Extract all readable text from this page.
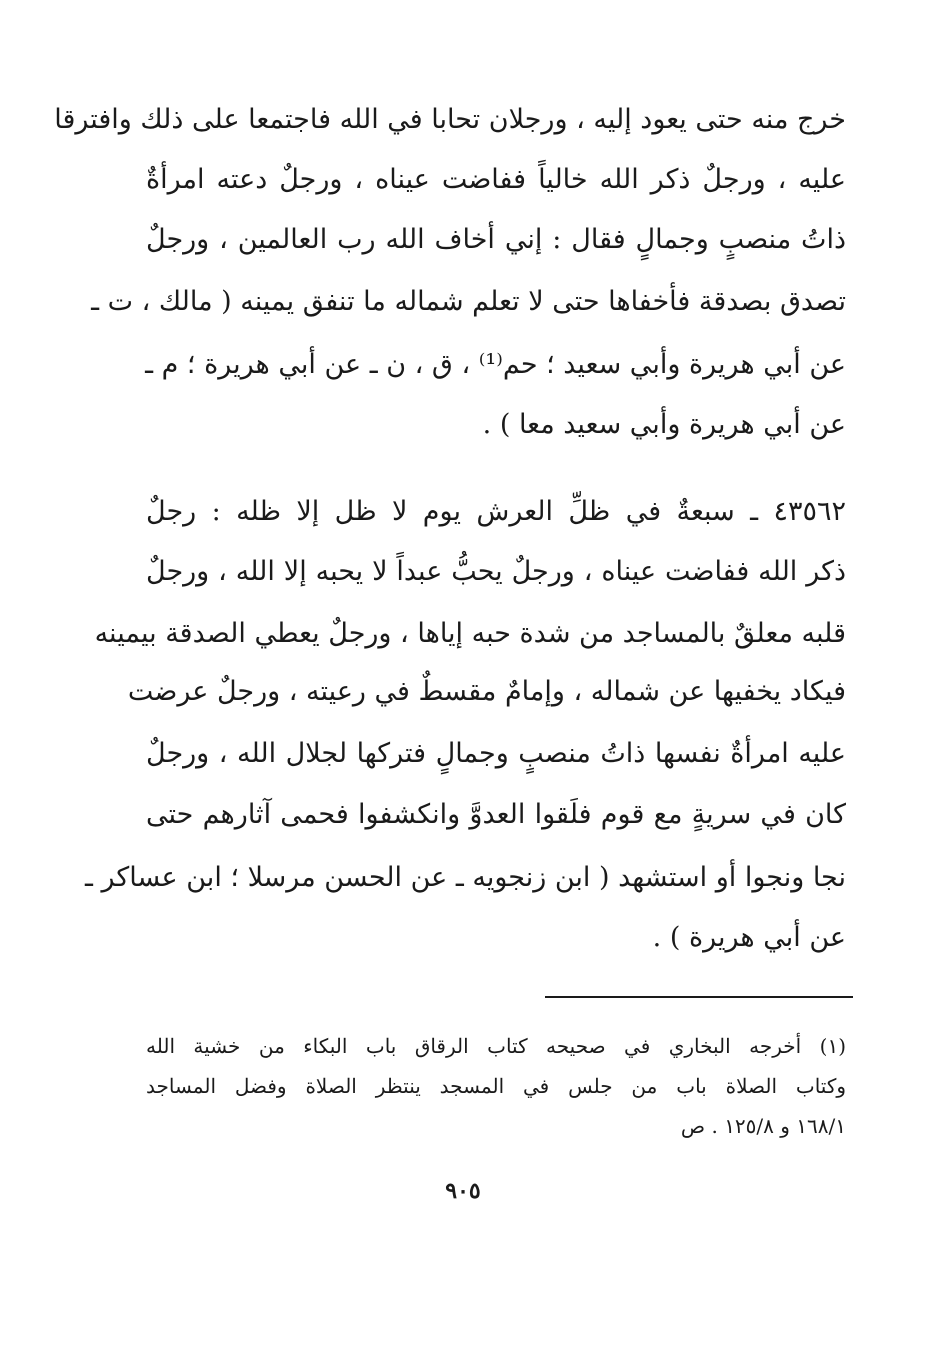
خرج منه حتى يعود إليه ، ورجلان تحابا في الله فاجتمعا على ذلك وافترقا
عليه ، ورجلٌ ذكر الله خالياً ففاضت عيناه ، ورجلٌ دعته امرأةٌ
ذاتُ منصبٍ وجمالٍ فقال : إني أخاف الله رب العالمين ، ورجلٌ
تصدق بصدقة فأخفاها حتى لا تعلم شماله ما تنفق يمينه ( مالك ، ت ـ
عن أبي هريرة وأبي سعيد ؛ حم⁽¹⁾ ، ق ، ن ـ عن أبي هريرة ؛ م ـ
عن أبي هريرة وأبي سعيد معا ) .
٤٣٥٦٢ ـ سبعةٌ في ظلِّ العرش يوم لا ظل إلا ظله : رجلٌ
ذكر الله ففاضت عيناه ، ورجلٌ يحبُّ عبداً لا يحبه إلا الله ، ورجلٌ
قلبه معلقٌ بالمساجد من شدة حبه إياها ، ورجلٌ يعطي الصدقة بيمينه
فيكاد يخفيها عن شماله ، وإمامٌ مقسطٌ في رعيته ، ورجلٌ عرضت
عليه امرأةٌ نفسها ذاتُ منصبٍ وجمالٍ فتركها لجلال الله ، ورجلٌ
كان في سريةٍ مع قوم فلَقوا العدوَّ وانكشفوا فحمى آثارهم حتى
نجا ونجوا أو استشهد ( ابن زنجويه ـ عن الحسن مرسلا ؛ ابن عساكر ـ
عن أبي هريرة ) .
(١) أخرجه البخاري في صحيحه كتاب الرقاق باب البكاء من خشية الله
وكتاب الصلاة باب من جلس في المسجد ينتظر الصلاة وفضل المساجد
١٦٨/١ و ١٢٥/٨ . ص
٩٠٥
